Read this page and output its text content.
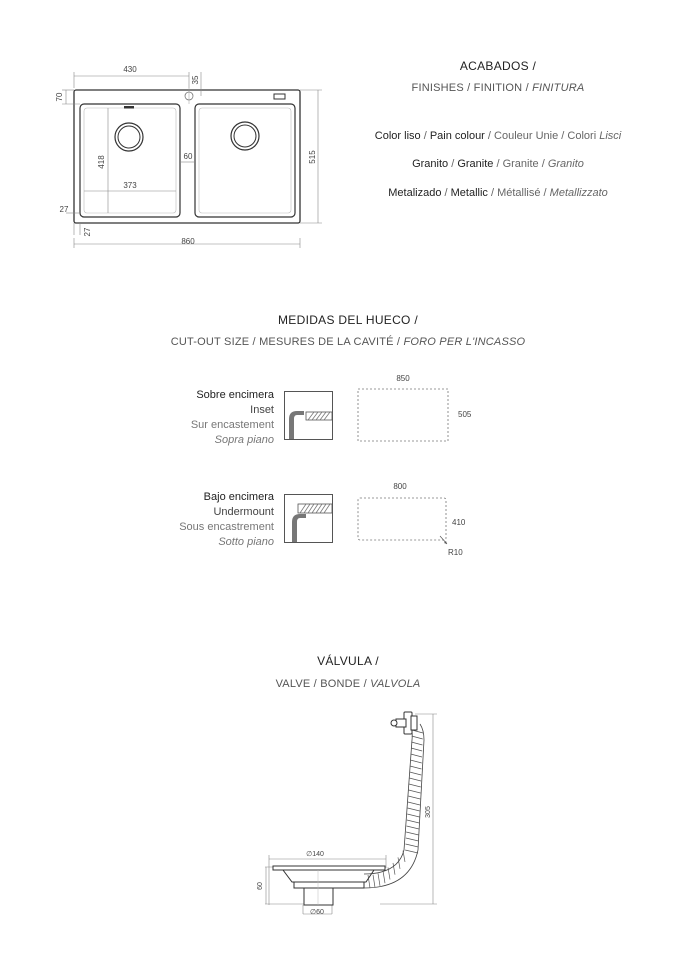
430
70
35
418	60
373
515
27
27
860
ACABADOS /
FINISHES / FINITION / FINITURA
Color liso / Pain colour / Couleur Unie / Colori Lisci
Granito / Granite / Granite / Granito
Metalizado / Metallic / Métallisé / Metallizzato
MEDIDAS DEL HUECO /
CUT-OUT SIZE / MESURES DE LA CAVITÉ / FORO PER L'INCASSO
Sobre encimera
Inset
Sur encastement
Sopra piano
850
505
Bajo encimera
Undermount
Sous encastrement
Sotto piano
800
410
R10
VÁLVULA /
VALVE / BONDE / VALVOLA
305
∅140
60
∅60
